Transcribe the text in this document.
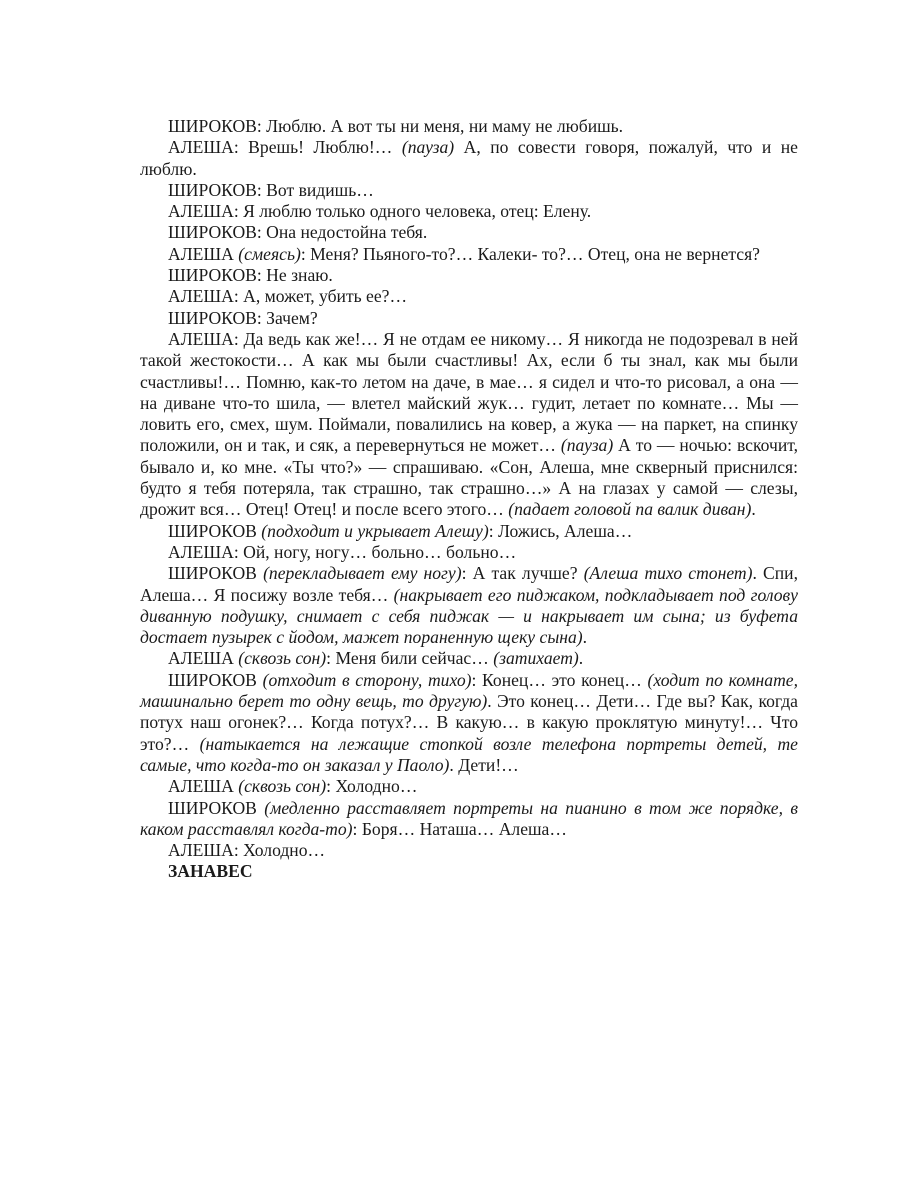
ШИРОКОВ: Люблю. А вот ты ни меня, ни маму не любишь.

АЛЕША: Врешь! Люблю!… (пауза) А, по совести говоря, пожалуй, что и не люблю.

ШИРОКОВ: Вот видишь…

АЛЕША: Я люблю только одного человека, отец: Елену.

ШИРОКОВ: Она недостойна тебя.

АЛЕША (смеясь): Меня? Пьяного-то?… Калеки- то?… Отец, она не вернется?

ШИРОКОВ: Не знаю.

АЛЕША: А, может, убить ее?…

ШИРОКОВ: Зачем?

АЛЕША: Да ведь как же!… Я не отдам ее никому… Я никогда не подозревал в ней такой жестокости… А как мы были счастливы! Ах, если б ты знал, как мы были счастливы!… Помню, как-то летом на даче, в мае… я сидел и что-то рисовал, а она — на диване что-то шила, — влетел майский жук… гудит, летает по комнате… Мы — ловить его, смех, шум. Поймали, повалились на ковер, а жука — на паркет, на спинку положили, он и так, и сяк, а перевернуться не может… (пауза) А то — ночью: вскочит, бывало и, ко мне. «Ты что?» — спрашиваю. «Сон, Алеша, мне скверный приснился: будто я тебя потеряла, так страшно, так страшно…» А на глазах у самой — слезы, дрожит вся… Отец! Отец! и после всего этого… (падает головой па валик диван).

ШИРОКОВ (подходит и укрывает Алешу): Ложись, Алеша…

АЛЕША: Ой, ногу, ногу… больно… больно…

ШИРОКОВ (перекладывает ему ногу): А так лучше? (Алеша тихо стонет). Спи, Алеша… Я посижу возле тебя… (накрывает его пиджаком, подкладывает под голову диванную подушку, снимает с себя пиджак — и накрывает им сына; из буфета достает пузырек с йодом, мажет пораненную щеку сына).

АЛЕША (сквозь сон): Меня били сейчас… (затихает).

ШИРОКОВ (отходит в сторону, тихо): Конец… это конец… (ходит по комнате, машинально берет то одну вещь, то другую). Это конец… Дети… Где вы? Как, когда потух наш огонек?… Когда потух?… В какую… в какую проклятую минуту!… Что это?… (натыкается на лежащие стопкой возле телефона портреты детей, те самые, что когда-то он заказал у Паоло). Дети!…

АЛЕША (сквозь сон): Холодно…

ШИРОКОВ (медленно расставляет портреты на пианино в том же порядке, в каком расставлял когда-то): Боря… Наташа… Алеша…

АЛЕША: Холодно…

ЗАНАВЕС
